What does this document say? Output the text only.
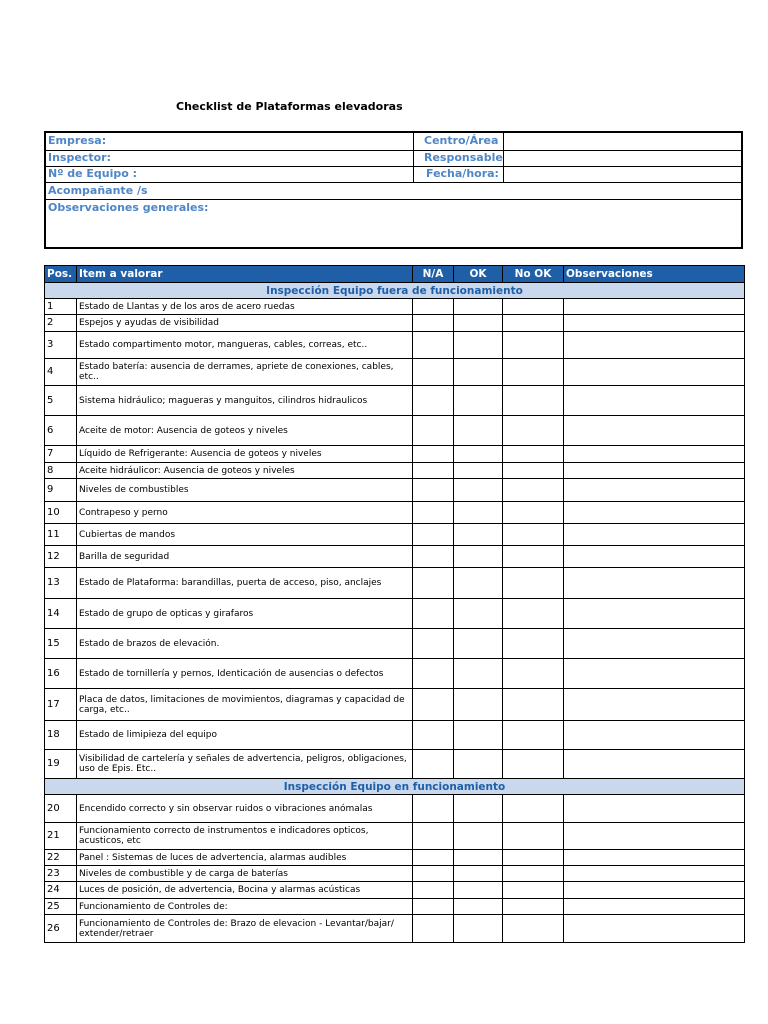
Checklist de Plataformas elevadoras
Empresa:	Centro/Área
Inspector:	Responsable
Nº de Equipo :	Fecha/hora:
Acompañante /s
Observaciones generales:
Pos.	Item a valorar	N/A	OK	No OK	Observaciones
Inspección Equipo fuera de funcionamiento					
1	Estado de Llantas y de los aros de acero ruedas				
2	Espejos y ayudas de visibilidad				
3	Estado compartimento motor, mangueras, cables, correas, etc..				
4	Estado batería: ausencia de derrames, apriete de conexiones, cables, etc..				
5	Sistema hidráulico; magueras y manguitos, cilindros hidraulicos				
6	Aceite de motor: Ausencia de goteos y niveles				
7	Líquido de Refrigerante: Ausencia de goteos y niveles				
8	Aceite hidráulicor: Ausencia de goteos y niveles				
9	Niveles de combustibles				
10	Contrapeso y perno				
11	Cubiertas de mandos				
12	Barilla de seguridad				
13	Estado de Plataforma: barandillas, puerta de acceso, piso, anclajes				
14	Estado de grupo de opticas y girafaros				
15	Estado de brazos de elevación.				
16	Estado de tornillería y pernos, Identicación de ausencias o defectos				
17	Placa de datos, limitaciones de movimientos, diagramas y capacidad de carga, etc..				
18	Estado de limipieza del equipo				
19	Visibilidad de cartelería y señales de advertencia, peligros, obligaciones, uso de Epis. Etc..				
Inspección Equipo en funcionamiento					
20	Encendido correcto y sin observar ruidos o vibraciones anómalas				
21	Funcionamiento correcto de instrumentos e indicadores opticos, acusticos, etc				
22	Panel : Sistemas de luces de advertencia, alarmas audibles				
23	Niveles de combustible y de carga de baterías				
24	Luces de posición, de advertencia, Bocina y alarmas acústicas				
25	Funcionamiento de Controles de:				
26	Funcionamiento de Controles de: Brazo de elevacion - Levantar/bajar/ extender/retraer				
